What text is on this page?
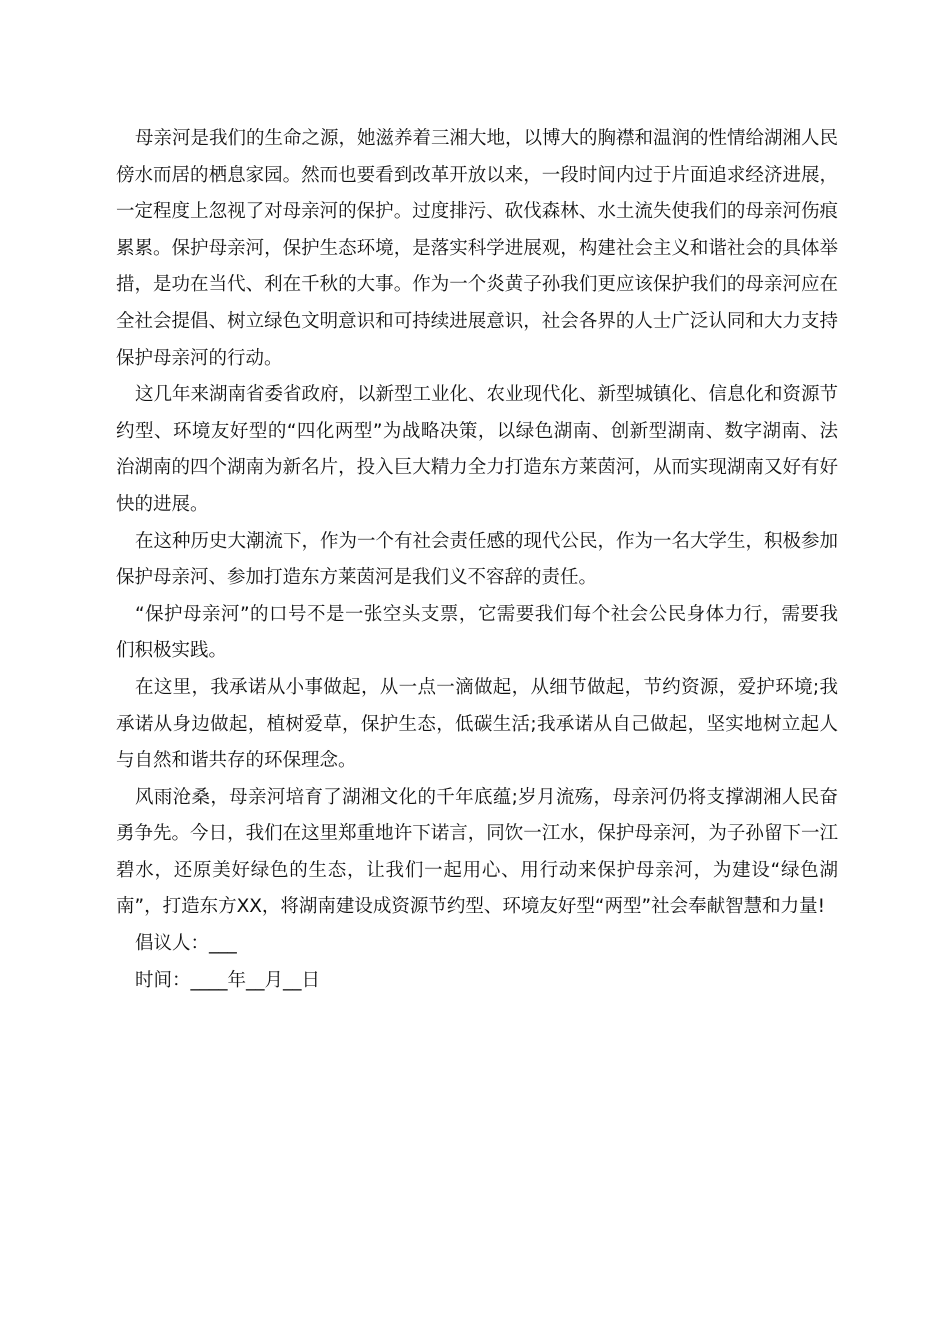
母亲河是我们的生命之源，她滋养着三湘大地，以博大的胸襟和温润的性情给湖湘人民傍水而居的栖息家园。然而也要看到改革开放以来，一段时间内过于片面追求经济进展，一定程度上忽视了对母亲河的保护。过度排污、砍伐森林、水土流失使我们的母亲河伤痕累累。保护母亲河，保护生态环境，是落实科学进展观，构建社会主义和谐社会的具体举措，是功在当代、利在千秋的大事。作为一个炎黄子孙我们更应该保护我们的母亲河应在全社会提倡、树立绿色文明意识和可持续进展意识，社会各界的人士广泛认同和大力支持保护母亲河的行动。

这几年来湖南省委省政府，以新型工业化、农业现代化、新型城镇化、信息化和资源节约型、环境友好型的“四化两型”为战略决策，以绿色湖南、创新型湖南、数字湖南、法治湖南的四个湖南为新名片，投入巨大精力全力打造东方莱茵河，从而实现湖南又好有好快的进展。

在这种历史大潮流下，作为一个有社会责任感的现代公民，作为一名大学生，积极参加保护母亲河、参加打造东方莱茵河是我们义不容辞的责任。

“保护母亲河”的口号不是一张空头支票，它需要我们每个社会公民身体力行，需要我们积极实践。

在这里，我承诺从小事做起，从一点一滴做起，从细节做起，节约资源，爱护环境;我承诺从身边做起，植树爱草，保护生态，低碳生活;我承诺从自己做起，坚实地树立起人与自然和谐共存的环保理念。

风雨沧桑，母亲河培育了湖湘文化的千年底蕴;岁月流殇，母亲河仍将支撑湖湘人民奋勇争先。今日，我们在这里郑重地许下诺言，同饮一江水，保护母亲河，为子孙留下一江碧水，还原美好绿色的生态，让我们一起用心、用行动来保护母亲河，为建设“绿色湖南”，打造东方XX，将湖南建设成资源节约型、环境友好型“两型”社会奉献智慧和力量!

倡议人：___

时间：____年__月__日
